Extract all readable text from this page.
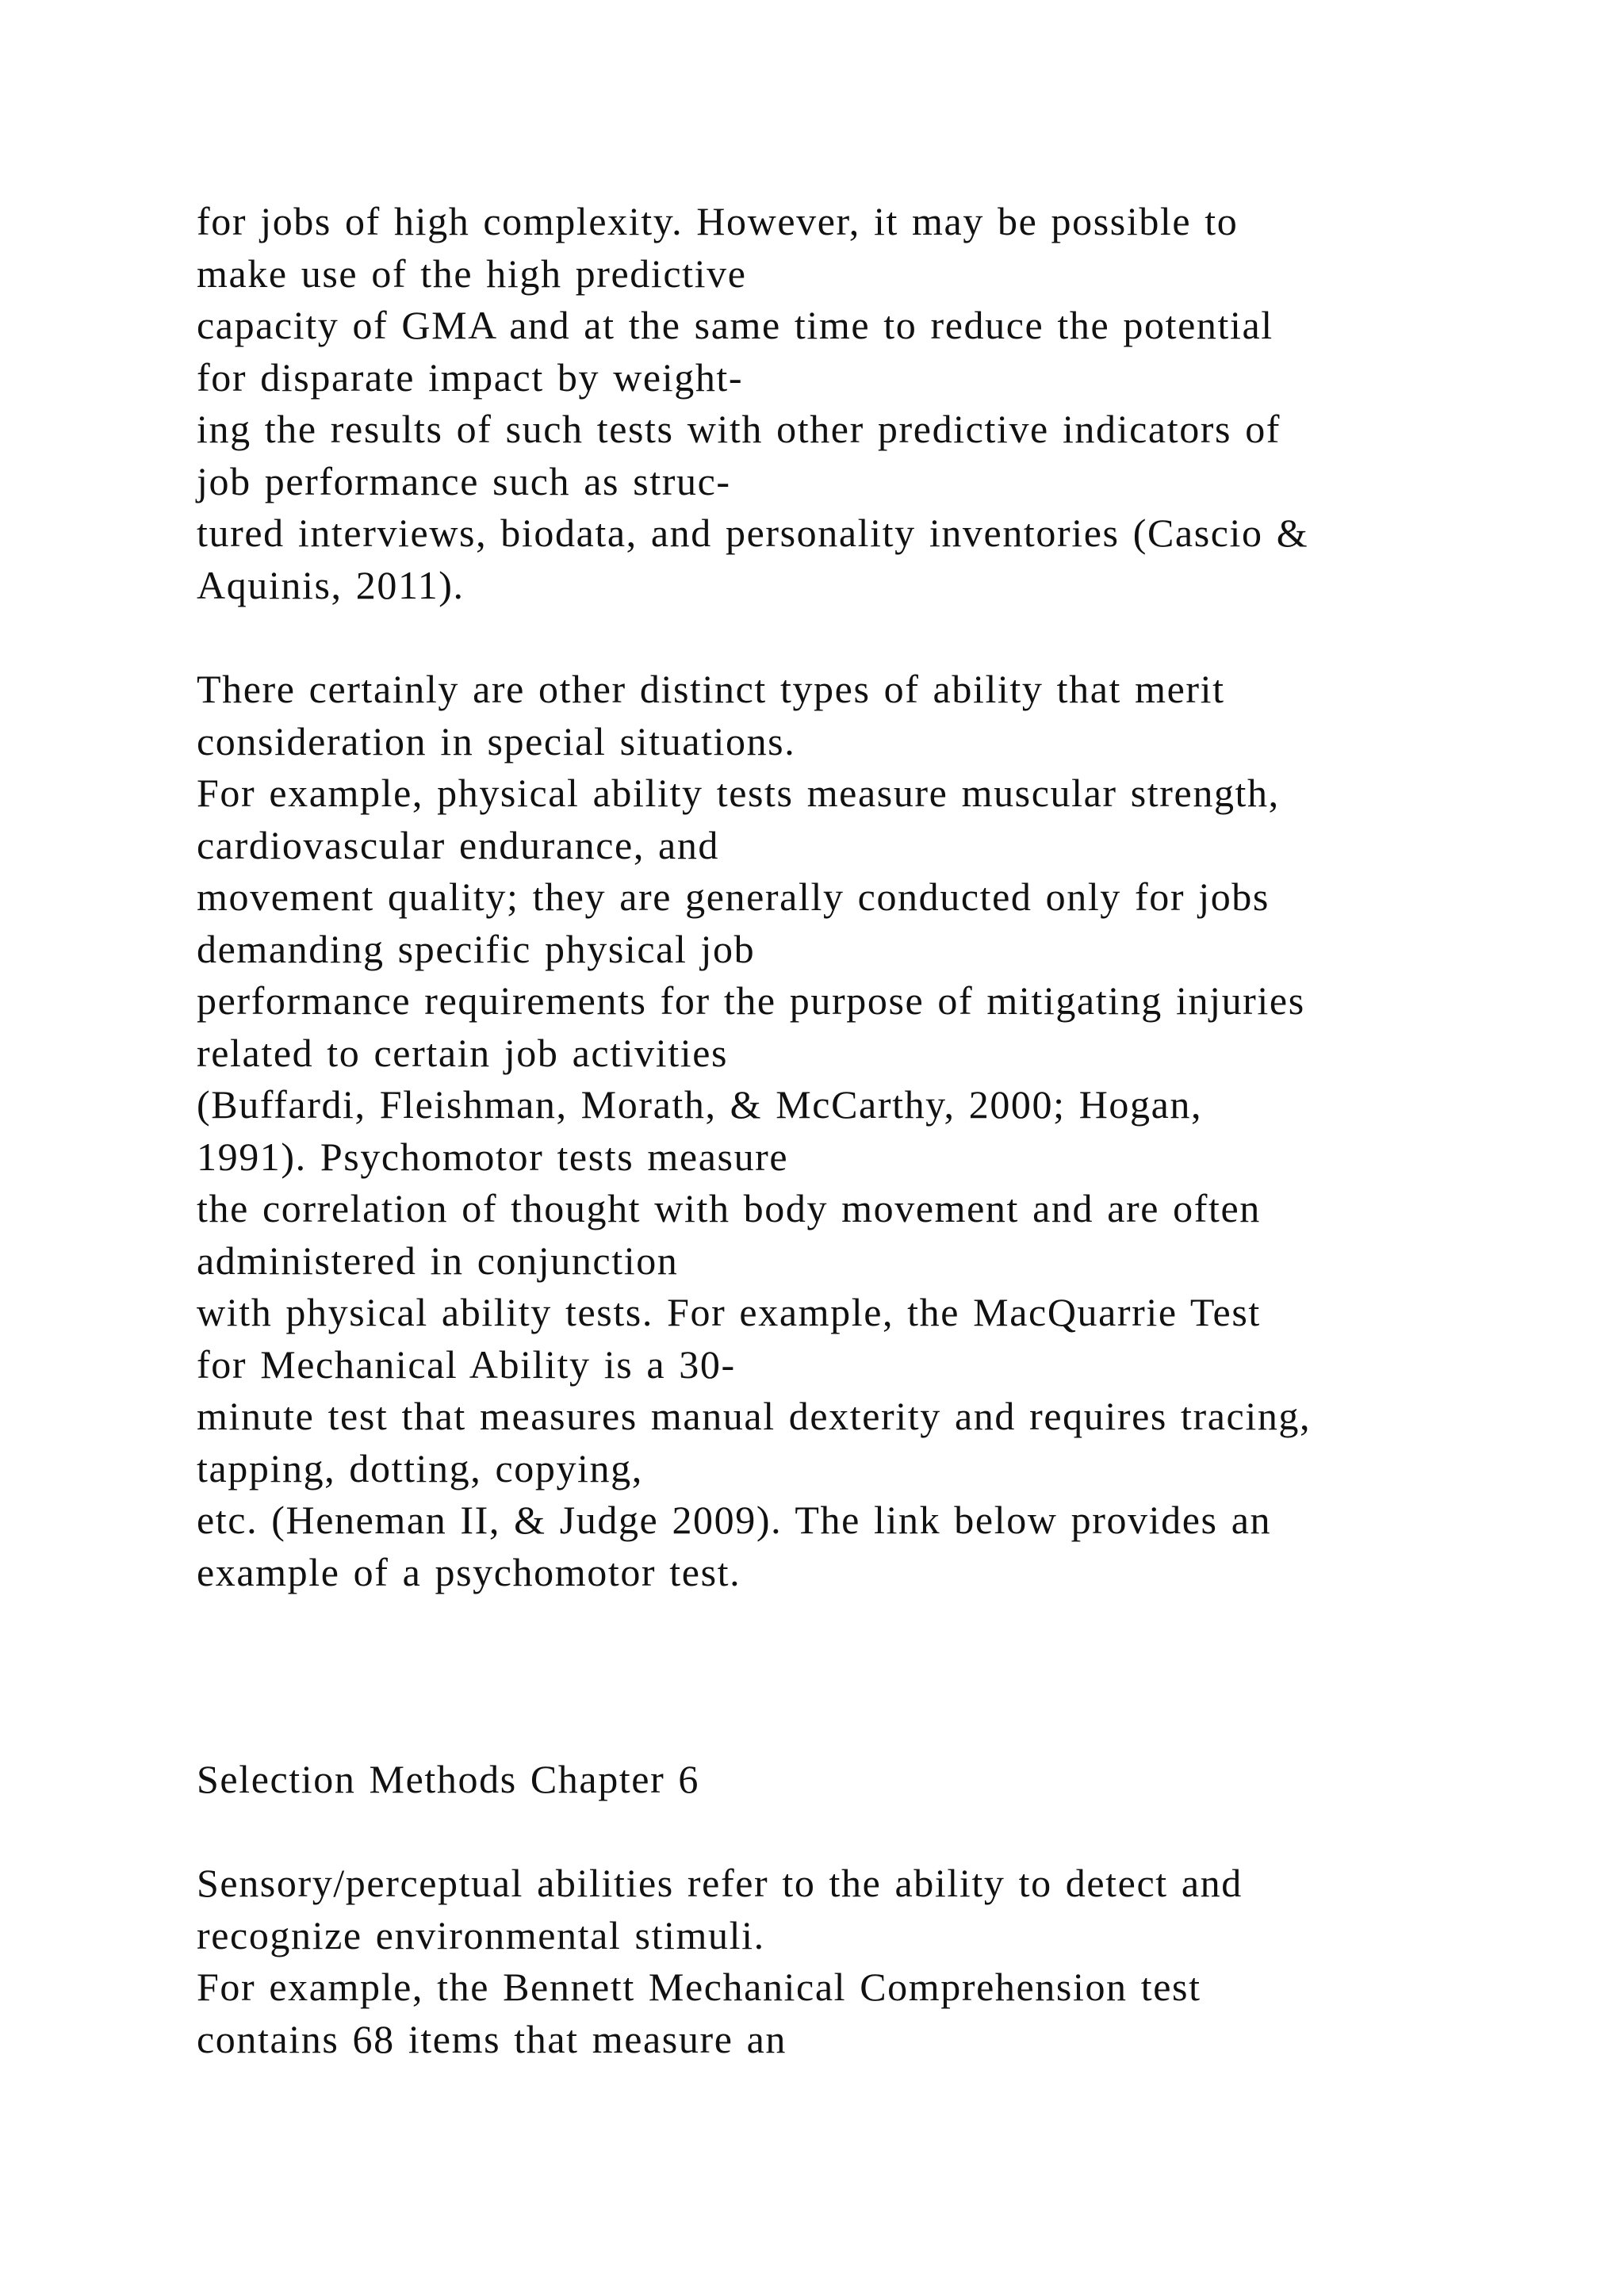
for jobs of high complexity. However, it may be possible to
make use of the high predictive
capacity of GMA and at the same time to reduce the potential
for disparate impact by weight-
ing the results of such tests with other predictive indicators of
job performance such as struc-
tured interviews, biodata, and personality inventories (Cascio &
Aquinis, 2011).
There certainly are other distinct types of ability that merit
consideration in special situations.
For example, physical ability tests measure muscular strength,
cardiovascular endurance, and
movement quality; they are generally conducted only for jobs
demanding specific physical job
performance requirements for the purpose of mitigating injuries
related to certain job activities
(Buffardi, Fleishman, Morath, & McCarthy, 2000; Hogan,
1991). Psychomotor tests measure
the correlation of thought with body movement and are often
administered in conjunction
with physical ability tests. For example, the MacQuarrie Test
for Mechanical Ability is a 30-
minute test that measures manual dexterity and requires tracing,
tapping, dotting, copying,
etc. (Heneman II, & Judge 2009). The link below provides an
example of a psychomotor test.
Selection Methods Chapter 6
Sensory/perceptual abilities refer to the ability to detect and
recognize environmental stimuli.
For example, the Bennett Mechanical Comprehension test
contains 68 items that measure an
